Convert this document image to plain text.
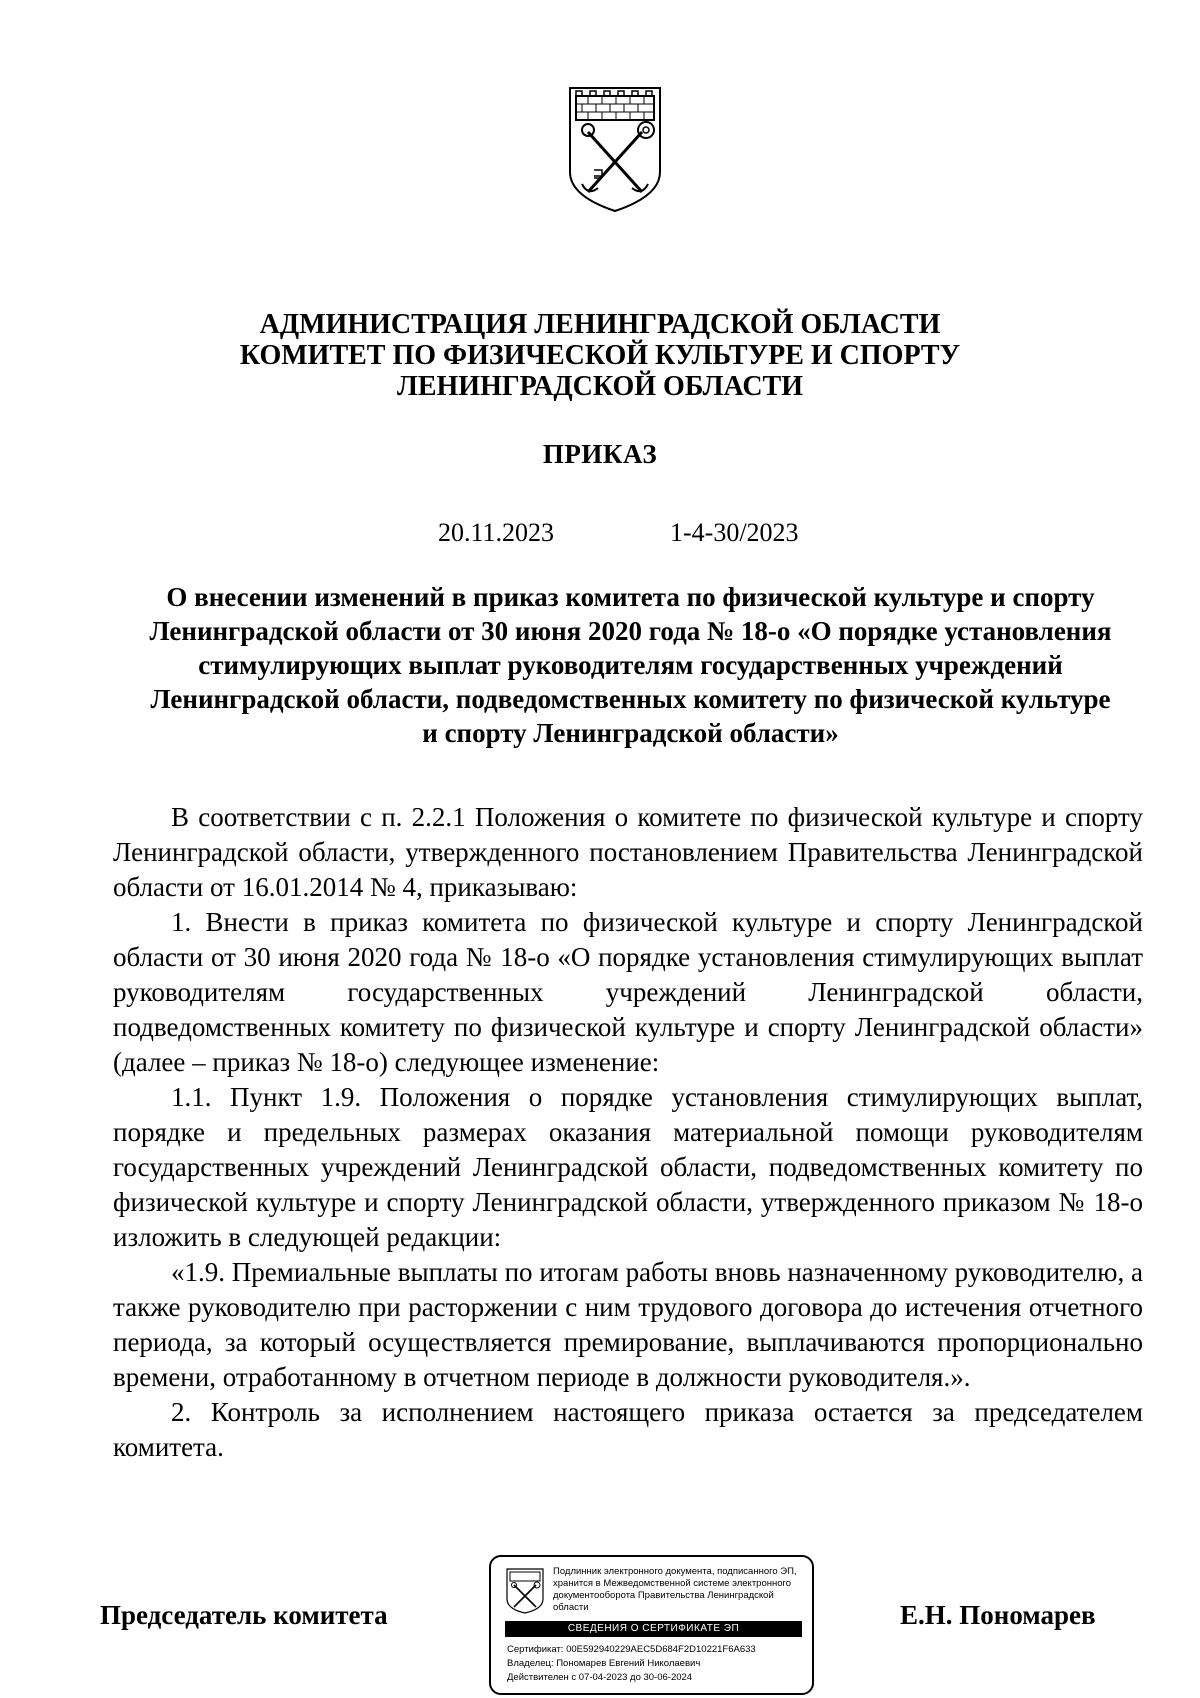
АДМИНИСТРАЦИЯ ЛЕНИНГРАДСКОЙ ОБЛАСТИ
КОМИТЕТ ПО ФИЗИЧЕСКОЙ КУЛЬТУРЕ И СПОРТУ
ЛЕНИНГРАДСКОЙ ОБЛАСТИ
ПРИКАЗ
20.11.2023	1-4-30/2023
О внесении изменений в приказ комитета по физической культуре и спорту
Ленинградской области от 30 июня 2020 года № 18-о «О порядке установления
стимулирующих выплат руководителям государственных учреждений
Ленинградской области, подведомственных комитету по физической культуре
и спорту Ленинградской области»

В соответствии с п. 2.2.1 Положения о комитете по физической культуре и спорту Ленинградской области, утвержденного постановлением Правительства Ленинградской области от 16.01.2014 № 4, приказываю:

1. Внести в приказ комитета по физической культуре и спорту Ленинградской области от 30 июня 2020 года № 18-о «О порядке установления стимулирующих выплат руководителям государственных учреждений Ленинградской области, подведомственных комитету по физической культуре и спорту Ленинградской области» (далее – приказ № 18-о) следующее изменение:

1.1. Пункт 1.9. Положения о порядке установления стимулирующих выплат, порядке и предельных размерах оказания материальной помощи руководителям государственных учреждений Ленинградской области, подведомственных комитету по физической культуре и спорту Ленинградской области, утвержденного приказом № 18-о изложить в следующей редакции:

«1.9. Премиальные выплаты по итогам работы вновь назначенному руководителю, а также руководителю при расторжении с ним трудового договора до истечения отчетного периода, за который осуществляется премирование, выплачиваются пропорционально времени, отработанному в отчетном периоде в должности руководителя.».

2. Контроль за исполнением настоящего приказа остается за председателем комитета.

Председатель комитета	Е.Н. Пономарев
Подлинник электронного документа, подписанного ЭП,
хранится в Межведомственной системе электронного
документооборота Правительства Ленинградской области
СВЕДЕНИЯ О СЕРТИФИКАТЕ ЭП
Сертификат: 00E592940229AEC5D684F2D10221F6A633
Владелец: Пономарев Евгений Николаевич
Действителен с 07-04-2023 до 30-06-2024
